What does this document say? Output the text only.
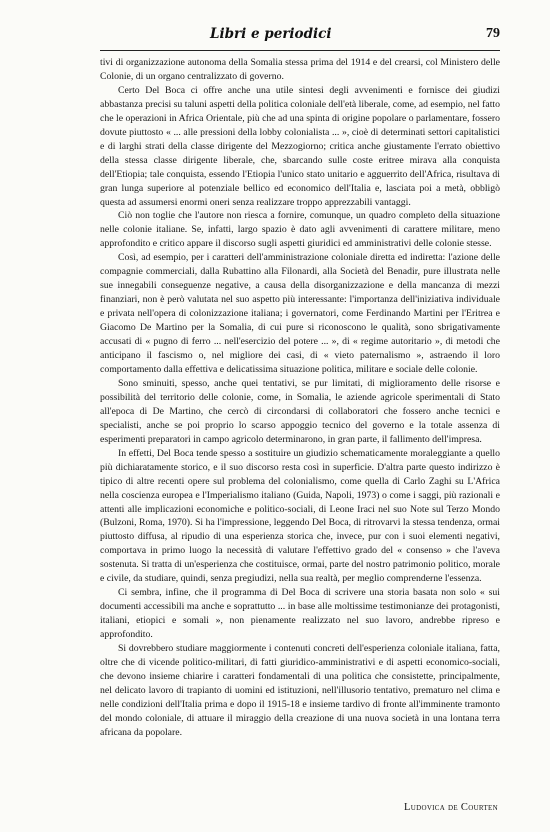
Libri e periodici	79

tivi di organizzazione autonoma della Somalia stessa prima del 1914 e del crearsi, col Ministero delle Colonie, di un organo centralizzato di governo.

Certo Del Boca ci offre anche una utile sintesi degli avvenimenti e fornisce dei giudizi abbastanza precisi su taluni aspetti della politica coloniale dell'età liberale, come, ad esempio, nel fatto che le operazioni in Africa Orientale, più che ad una spinta di origine popolare o parlamentare, fossero dovute piuttosto « ... alle pressioni della lobby colonialista ... », cioè di determinati settori capitalistici e di larghi strati della classe dirigente del Mezzogiorno; critica anche giustamente l'errato obiettivo della stessa classe dirigente liberale, che, sbarcando sulle coste eritree mirava alla conquista dell'Etiopia; tale conquista, essendo l'Etiopia l'unico stato unitario e agguerrito dell'Africa, risultava di gran lunga superiore al potenziale bellico ed economico dell'Italia e, lasciata poi a metà, obbligò questa ad assumersi enormi oneri senza realizzare troppo apprezzabili vantaggi.

Ciò non toglie che l'autore non riesca a fornire, comunque, un quadro completo della situazione nelle colonie italiane. Se, infatti, largo spazio è dato agli avvenimenti di carattere militare, meno approfondito e critico appare il discorso sugli aspetti giuridici ed amministrativi delle colonie stesse.

Così, ad esempio, per i caratteri dell'amministrazione coloniale diretta ed indiretta: l'azione delle compagnie commerciali, dalla Rubattino alla Filonardi, alla Società del Benadir, pure illustrata nelle sue innegabili conseguenze negative, a causa della disorganizzazione e della mancanza di mezzi finanziari, non è però valutata nel suo aspetto più interessante: l'importanza dell'iniziativa individuale e privata nell'opera di colonizzazione italiana; i governatori, come Ferdinando Martini per l'Eritrea e Giacomo De Martino per la Somalia, di cui pure si riconoscono le qualità, sono sbrigativamente accusati di « pugno di ferro ... nell'esercizio del potere ... », di « regime autoritario », di metodi che anticipano il fascismo o, nel migliore dei casi, di « vieto paternalismo », astraendo il loro comportamento dalla effettiva e delicatissima situazione politica, militare e sociale delle colonie.

Sono sminuiti, spesso, anche quei tentativi, se pur limitati, di miglioramento delle risorse e possibilità del territorio delle colonie, come, in Somalia, le aziende agricole sperimentali di Stato all'epoca di De Martino, che cercò di circondarsi di collaboratori che fossero anche tecnici e specialisti, anche se poi proprio lo scarso appoggio tecnico del governo e la totale assenza di esperimenti preparatori in campo agricolo determinarono, in gran parte, il fallimento dell'impresa.

In effetti, Del Boca tende spesso a sostituire un giudizio schematicamente moraleggiante a quello più dichiaratamente storico, e il suo discorso resta così in superficie. D'altra parte questo indirizzo è tipico di altre recenti opere sul problema del colonialismo, come quella di Carlo Zaghi su L'Africa nella coscienza europea e l'Imperialismo italiano (Guida, Napoli, 1973) o come i saggi, più razionali e attenti alle implicazioni economiche e politico-sociali, di Leone Iraci nel suo Note sul Terzo Mondo (Bulzoni, Roma, 1970). Si ha l'impressione, leggendo Del Boca, di ritrovarvi la stessa tendenza, ormai piuttosto diffusa, al ripudio di una esperienza storica che, invece, pur con i suoi elementi negativi, comportava in primo luogo la necessità di valutare l'effettivo grado del « consenso » che l'aveva sostenuta. Si tratta di un'esperienza che costituisce, ormai, parte del nostro patrimonio politico, morale e civile, da studiare, quindi, senza pregiudizi, nella sua realtà, per meglio comprenderne l'essenza.

Ci sembra, infine, che il programma di Del Boca di scrivere una storia basata non solo « sui documenti accessibili ma anche e soprattutto ... in base alle moltissime testimonianze dei protagonisti, italiani, etiopici e somali », non pienamente realizzato nel suo lavoro, andrebbe ripreso e approfondito.

Si dovrebbero studiare maggiormente i contenuti concreti dell'esperienza coloniale italiana, fatta, oltre che di vicende politico-militari, di fatti giuridico-amministrativi e di aspetti economico-sociali, che devono insieme chiarire i caratteri fondamentali di una politica che consistette, principalmente, nel delicato lavoro di trapianto di uomini ed istituzioni, nell'illusorio tentativo, prematuro nel clima e nelle condizioni dell'Italia prima e dopo il 1915-18 e insieme tardivo di fronte all'imminente tramonto del mondo coloniale, di attuare il miraggio della creazione di una nuova società in una lontana terra africana da popolare.

Ludovica de Courten
